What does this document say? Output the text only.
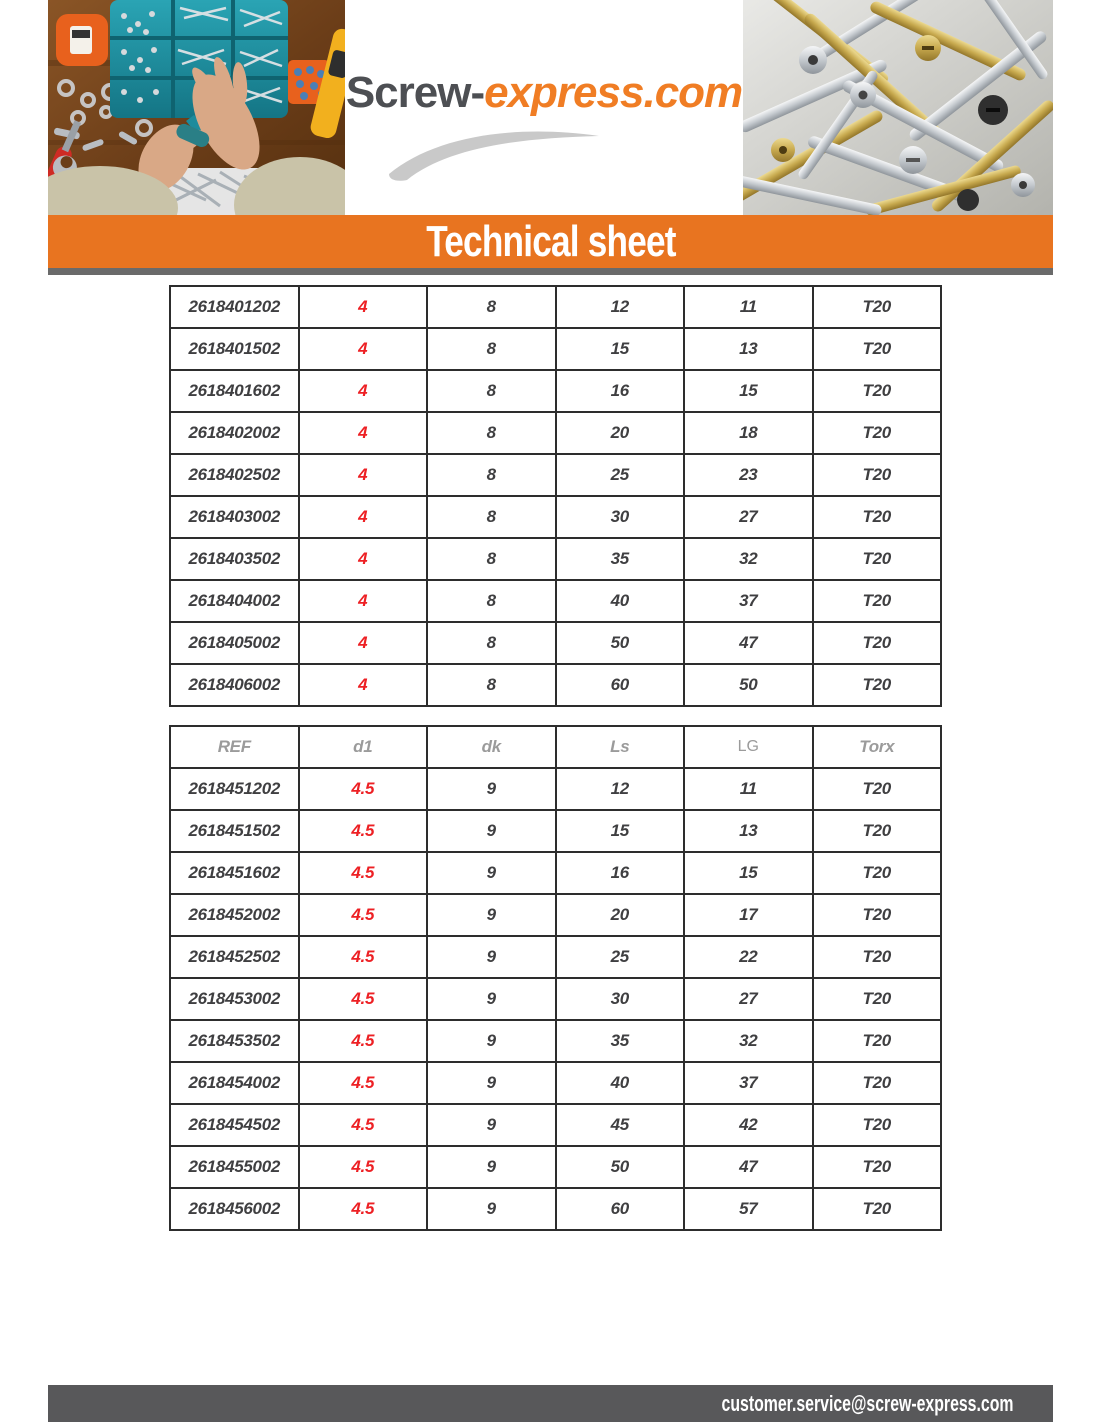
Screw-express.com
Technical sheet
2618401202	4	8	12	11	T20
2618401502	4	8	15	13	T20
2618401602	4	8	16	15	T20
2618402002	4	8	20	18	T20
2618402502	4	8	25	23	T20
2618403002	4	8	30	27	T20
2618403502	4	8	35	32	T20
2618404002	4	8	40	37	T20
2618405002	4	8	50	47	T20
2618406002	4	8	60	50	T20
REF	d1	dk	Ls	LG	Torx
2618451202	4.5	9	12	11	T20
2618451502	4.5	9	15	13	T20
2618451602	4.5	9	16	15	T20
2618452002	4.5	9	20	17	T20
2618452502	4.5	9	25	22	T20
2618453002	4.5	9	30	27	T20
2618453502	4.5	9	35	32	T20
2618454002	4.5	9	40	37	T20
2618454502	4.5	9	45	42	T20
2618455002	4.5	9	50	47	T20
2618456002	4.5	9	60	57	T20
customer.service@screw-express.com
